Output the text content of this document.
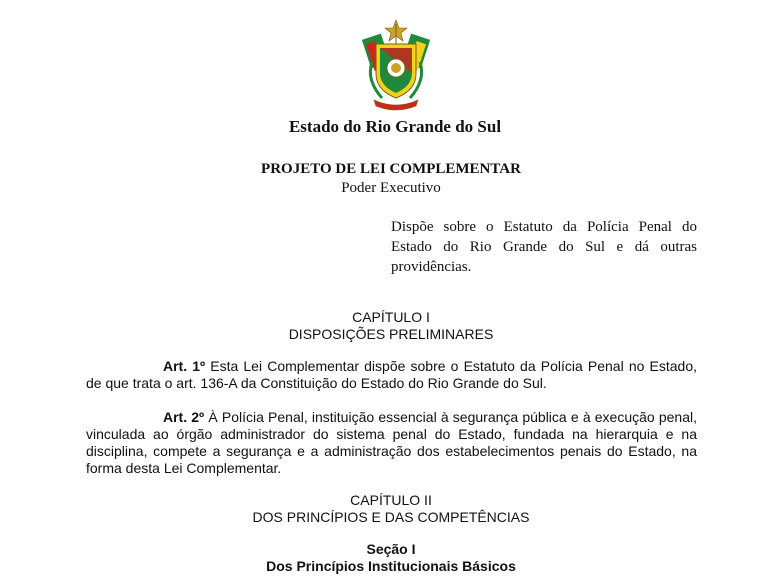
Estado do Rio Grande do Sul
PROJETO DE LEI COMPLEMENTAR
Poder Executivo
Dispõe sobre o Estatuto da Polícia Penal do Estado do Rio Grande do Sul e dá outras providências.
CAPÍTULO I
DISPOSIÇÕES PRELIMINARES
Art. 1º Esta Lei Complementar dispõe sobre o Estatuto da Polícia Penal no Estado, de que trata o art. 136-A da Constituição do Estado do Rio Grande do Sul.
Art. 2º À Polícia Penal, instituição essencial à segurança pública e à execução penal, vinculada ao órgão administrador do sistema penal do Estado, fundada na hierarquia e na disciplina, compete a segurança e a administração dos estabelecimentos penais do Estado, na forma desta Lei Complementar.
CAPÍTULO II
DOS PRINCÍPIOS E DAS COMPETÊNCIAS
Seção I
Dos Princípios Institucionais Básicos
